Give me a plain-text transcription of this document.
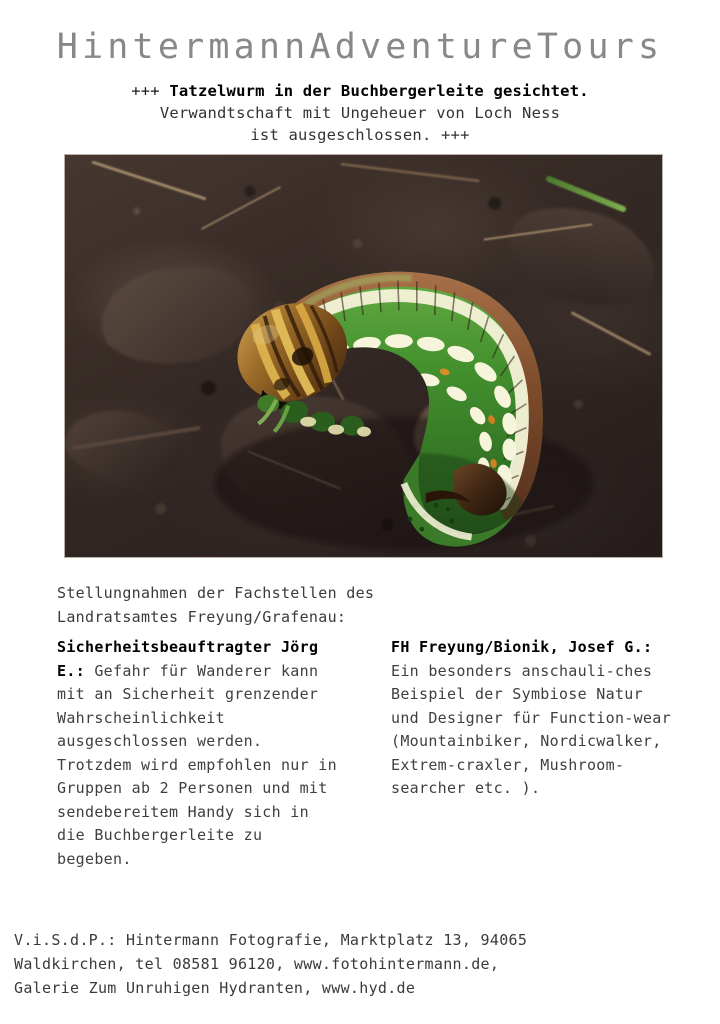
HintermannAdventureTours
+++ Tatzelwurm in der Buchbergerleite gesichtet.
Verwandtschaft mit Ungeheuer von Loch Ness
ist ausgeschlossen. +++
Stellungnahmen der Fachstellen des
Landratsamtes Freyung/Grafenau:
Sicherheitsbeauftragter Jörg E.: Gefahr für Wanderer kann mit an Sicherheit grenzender Wahrscheinlichkeit ausgeschlossen werden. Trotzdem wird empfohlen nur in Gruppen ab 2 Personen und mit sendebereitem Handy sich in die Buchbergerleite zu begeben.
FH Freyung/Bionik, Josef G.: Ein besonders anschauli-ches Beispiel der Symbiose Natur und Designer für Function-wear (Mountainbiker, Nordicwalker, Extrem-craxler, Mushroom-searcher etc. ).
V.i.S.d.P.: Hintermann Fotografie, Marktplatz 13, 94065
Waldkirchen, tel 08581 96120, www.fotohintermann.de,
Galerie Zum Unruhigen Hydranten, www.hyd.de
